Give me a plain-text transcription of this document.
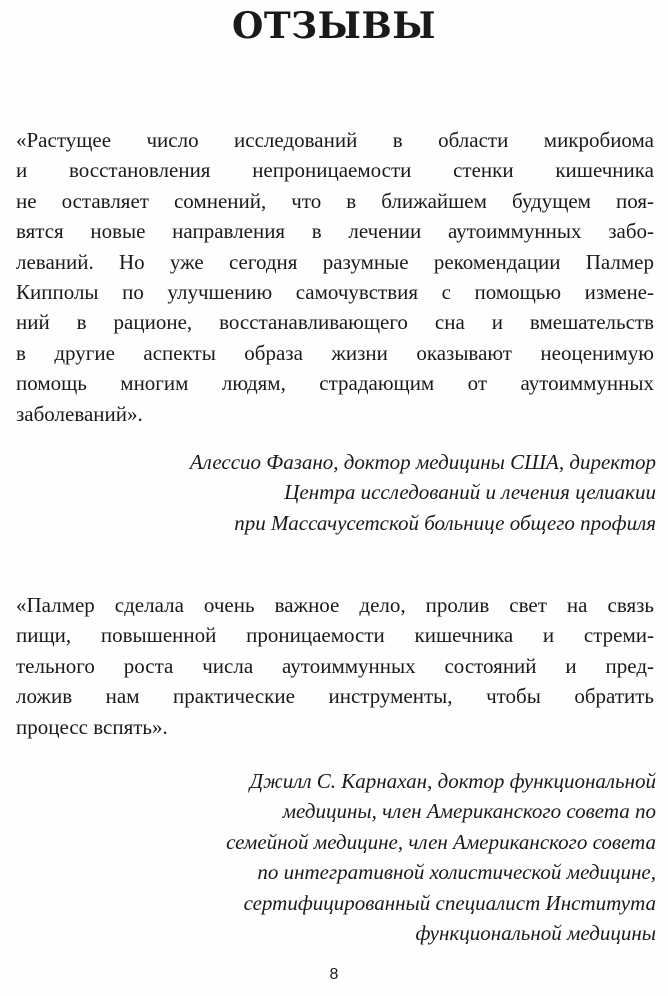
ОТЗЫВЫ
«Растущее число исследований в области микробиома
и восстановления непроницаемости стенки кишечника
не оставляет сомнений, что в ближайшем будущем поя-
вятся новые направления в лечении аутоиммунных забо-
леваний. Но уже сегодня разумные рекомендации Палмер
Кипполы по улучшению самочувствия с помощью измене-
ний в рационе, восстанавливающего сна и вмешательств
в другие аспекты образа жизни оказывают неоценимую
помощь многим людям, страдающим от аутоиммунных
заболеваний».
Алессио Фазано, доктор медицины США, директор
Центра исследований и лечения целиакии
при Массачусетской больнице общего профиля
«Палмер сделала очень важное дело, пролив свет на связь
пищи, повышенной проницаемости кишечника и стреми-
тельного роста числа аутоиммунных состояний и пред-
ложив нам практические инструменты, чтобы обратить
процесс вспять».
Джилл С. Карнахан, доктор функциональной
медицины, член Американского совета по
семейной медицине, член Американского совета
по интегративной холистической медицине,
сертифицированный специалист Института
функциональной медицины
8
